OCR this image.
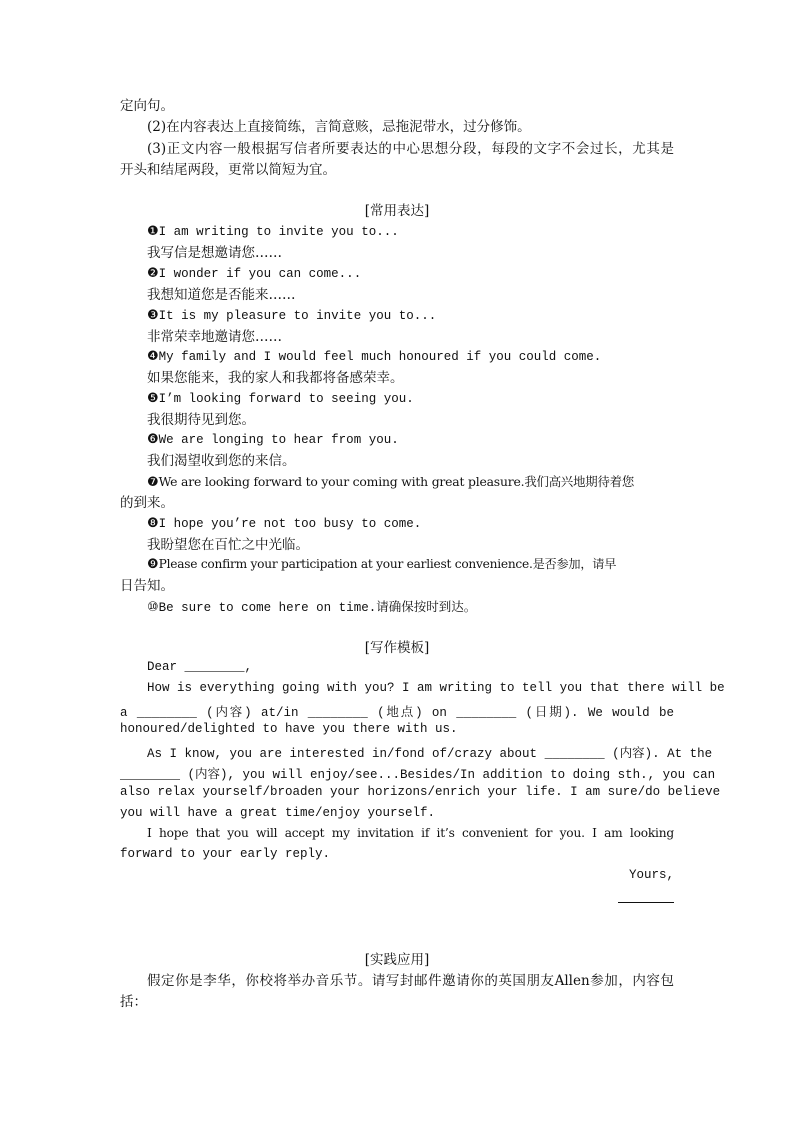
定向句。
(2)在内容表达上直接简练，言简意赅，忌拖泥带水，过分修饰。
(3)正文内容一般根据写信者所要表达的中心思想分段，每段的文字不会过长，尤其是
开头和结尾两段，更常以简短为宜。
[常用表达]
❶I am writing to invite you to...
我写信是想邀请您……
❷I wonder if you can come...
我想知道您是否能来……
❸It is my pleasure to invite you to...
非常荣幸地邀请您……
❹My family and I would feel much honoured if you could come.
如果您能来，我的家人和我都将备感荣幸。
❺I’m looking forward to seeing you.
我很期待见到您。
❻We are longing to hear from you.
我们渴望收到您的来信。
❼We are looking forward to your coming with great pleasure.我们高兴地期待着您
的到来。
❽I hope you’re not too busy to come.
我盼望您在百忙之中光临。
❾Please confirm your participation at your earliest convenience.是否参加，请早
日告知。
⑩Be sure to come here on time.请确保按时到达。
[写作模板]
Dear ________,
How is everything going with you? I am writing to tell you that there will be
a ________ (内容) at/in ________ (地点) on ________ (日期). We would be
honoured/delighted to have you there with us.
As I know, you are interested in/fond of/crazy about ________ (内容). At the
________ (内容), you will enjoy/see...Besides/In addition to doing sth., you can
also relax yourself/broaden your horizons/enrich your life. I am sure/do believe
you will have a great time/enjoy yourself.
I hope that you will accept my invitation if it’s convenient for you. I am looking
forward to your early reply.
Yours,
[实践应用]
假定你是李华，你校将举办音乐节。请写封邮件邀请你的英国朋友Allen参加，内容包
括：
